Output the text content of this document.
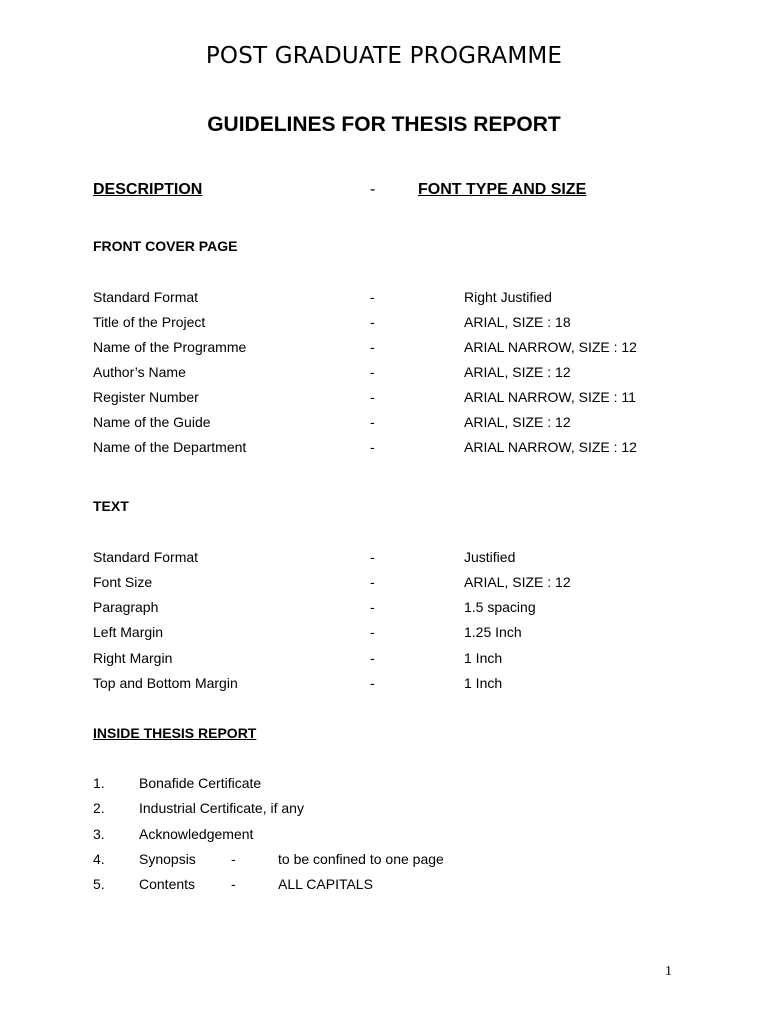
POST GRADUATE PROGRAMME
GUIDELINES FOR THESIS REPORT
DESCRIPTION	-	FONT TYPE AND SIZE
FRONT COVER PAGE
Standard Format	-	Right Justified
Title of the Project	-	ARIAL, SIZE : 18
Name of the Programme	-	ARIAL NARROW, SIZE : 12
Author’s Name	-	ARIAL, SIZE : 12
Register Number	-	ARIAL NARROW, SIZE : 11
Name of the Guide	-	ARIAL, SIZE : 12
Name of the Department	-	ARIAL NARROW, SIZE : 12
TEXT
Standard Format	-	Justified
Font Size	-	ARIAL, SIZE : 12
Paragraph	-	1.5 spacing
Left Margin	-	1.25 Inch
Right Margin	-	1 Inch
Top and Bottom Margin	-	1 Inch
INSIDE THESIS REPORT
1. Bonafide Certificate
2. Industrial Certificate, if any
3. Acknowledgement
4. Synopsis	-	to be confined to one page
5. Contents	-	ALL CAPITALS
1
